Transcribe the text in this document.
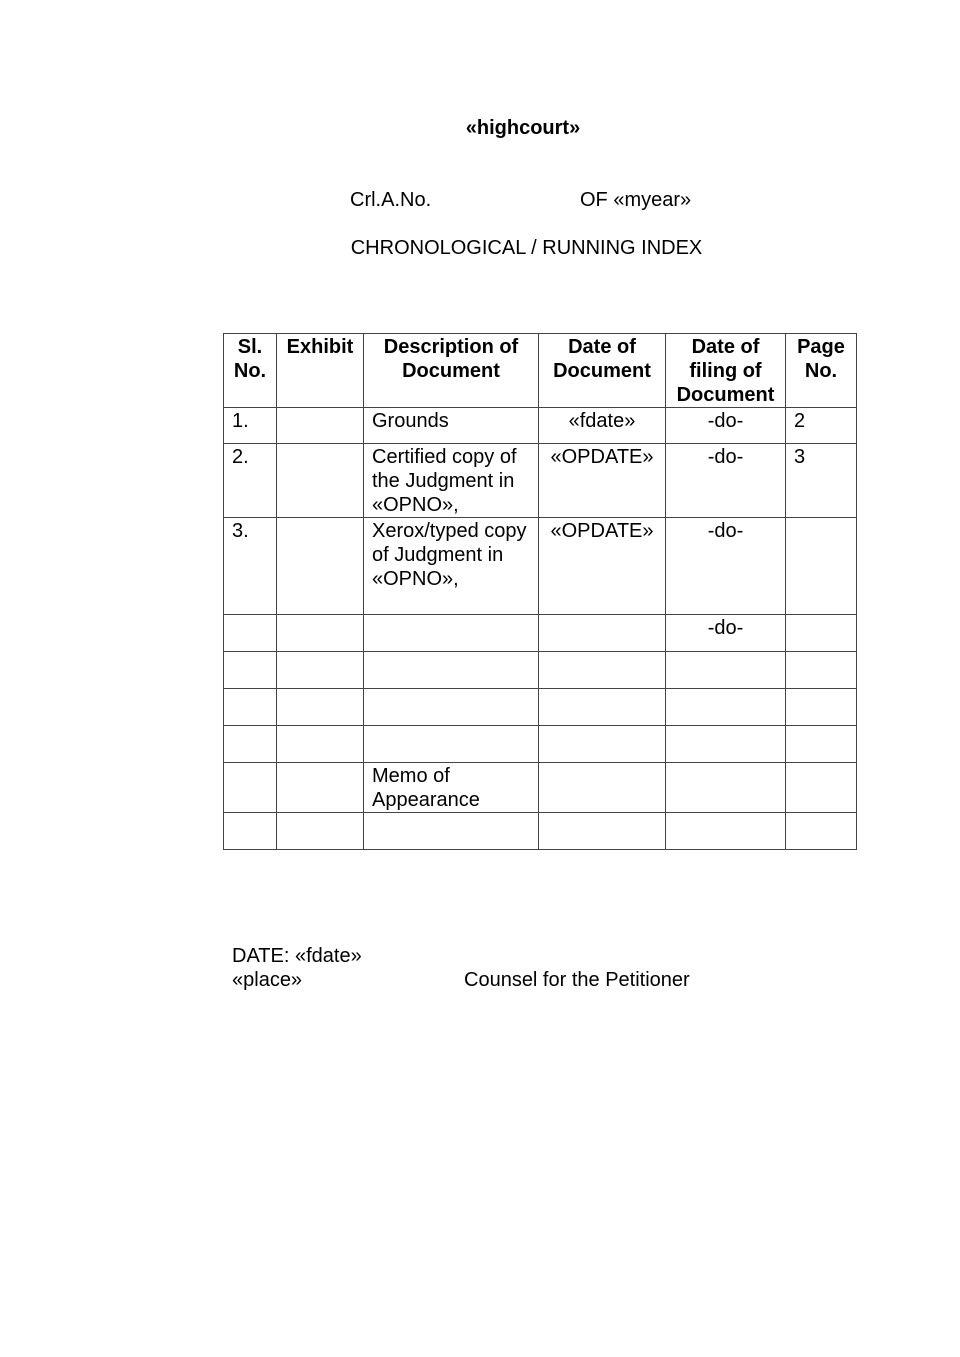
«highcourt»
Crl.A.No.	OF «myear»
CHRONOLOGICAL / RUNNING INDEX
Sl. No.	Exhibit	Description of Document	Date of Document	Date of filing of Document	Page No.
1.		Grounds	«fdate»	-do-	2
2.		Certified copy of the Judgment in «OPNO»,	«OPDATE»	-do-	3
3.		Xerox/typed copy of Judgment in «OPNO»,	«OPDATE»	-do-	
				-do-	

		Memo of Appearance			

DATE: «fdate»
«place»	Counsel for the Petitioner
